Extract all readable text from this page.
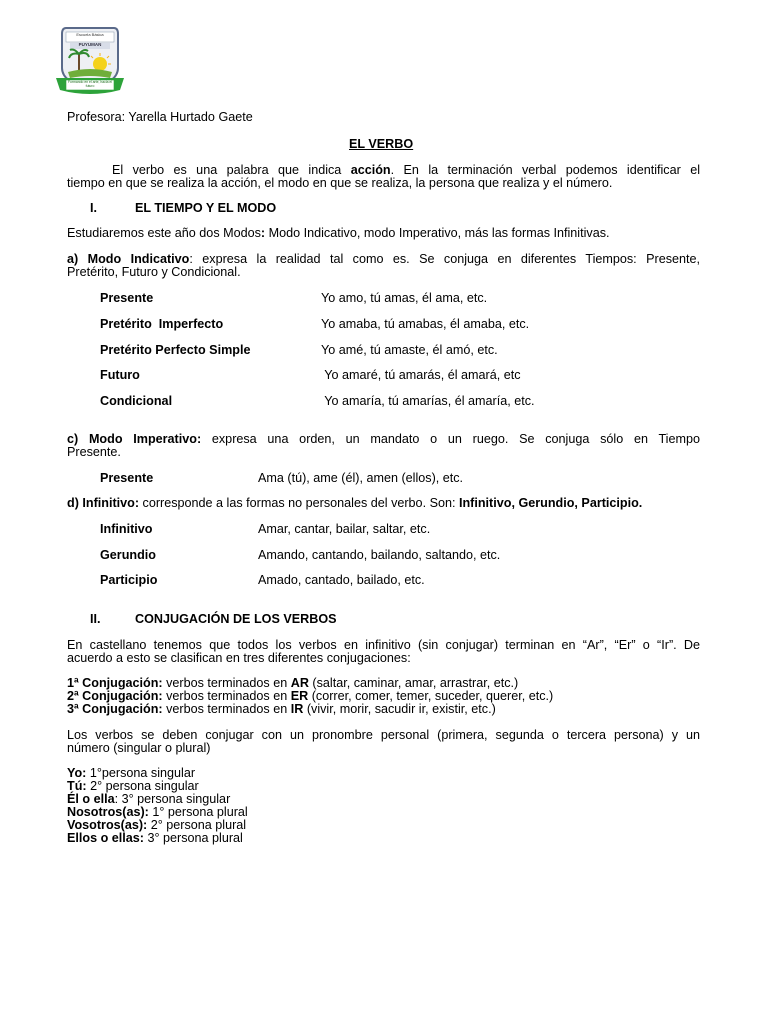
Escuela Básica
PUYUMAN
Formando en el arte, hacia el futuro
Profesora: Yarella Hurtado Gaete
EL VERBO
El verbo es una palabra que indica acción. En la terminación verbal podemos identificar el
tiempo en que se realiza la acción, el modo en que se realiza, la persona que realiza y el número.
I.	EL TIEMPO Y EL MODO
Estudiaremos este año dos Modos: Modo Indicativo, modo Imperativo, más las formas Infinitivas.
a) Modo Indicativo: expresa la realidad tal como es. Se conjuga en diferentes Tiempos: Presente,
Pretérito, Futuro y Condicional.
Presente	Yo amo, tú amas, él ama, etc.
Pretérito  Imperfecto	Yo amaba, tú amabas, él amaba, etc.
Pretérito Perfecto Simple	Yo amé, tú amaste, él amó, etc.
Futuro	Yo amaré, tú amarás, él amará, etc
Condicional	Yo amaría, tú amarías, él amaría, etc.
c) Modo Imperativo: expresa una orden, un mandato o un ruego. Se conjuga sólo en Tiempo
Presente.
Presente	Ama (tú), ame (él), amen (ellos), etc.
d) Infinitivo: corresponde a las formas no personales del verbo. Son: Infinitivo, Gerundio, Participio.
Infinitivo	Amar, cantar, bailar, saltar, etc.
Gerundio	Amando, cantando, bailando, saltando, etc.
Participio	Amado, cantado, bailado, etc.
II.	CONJUGACIÓN DE LOS VERBOS
En castellano tenemos que todos los verbos en infinitivo (sin conjugar) terminan en “Ar”, “Er” o “Ir”. De
acuerdo a esto se clasifican en tres diferentes conjugaciones:
1ª Conjugación: verbos terminados en AR (saltar, caminar, amar, arrastrar, etc.)
2ª Conjugación: verbos terminados en ER (correr, comer, temer, suceder, querer, etc.)
3ª Conjugación: verbos terminados en IR (vivir, morir, sacudir ir, existir, etc.)
Los verbos se deben conjugar con un pronombre personal (primera, segunda o tercera persona) y un
número (singular o plural)
Yo: 1°persona singular
Tú: 2° persona singular
Él o ella: 3° persona singular
Nosotros(as): 1° persona plural
Vosotros(as): 2° persona plural
Ellos o ellas: 3° persona plural
